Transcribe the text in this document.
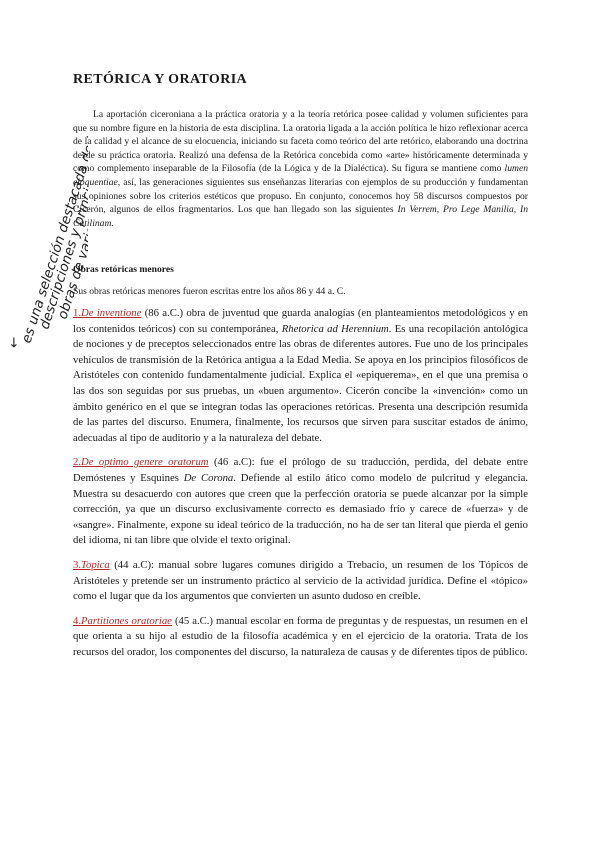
es una selección destacada de las
descripciones y principales
obras de varios
RETÓRICA Y ORATORIA

La aportación ciceroniana a la práctica oratoria y a la teoría retórica posee calidad y volumen suficientes para que su nombre figure en la historia de esta disciplina. La oratoria ligada a la acción política le hizo reflexionar acerca de la calidad y el alcance de su elocuencia, iniciando su faceta como teórico del arte retórico, elaborando una doctrina desde su práctica oratoria. Realizó una defensa de la Retórica concebida como «arte» históricamente determinada y como complemento inseparable de la Filosofía (de la Lógica y de la Dialéctica). Su figura se mantiene como lumen eloquentiae, así, las generaciones siguientes sus enseñanzas literarias con ejemplos de su producción y fundamentan sus opiniones sobre los criterios estéticos que propuso. En conjunto, conocemos hoy 58 discursos compuestos por Cicerón, algunos de ellos fragmentarios. Los que han llegado son las siguientes In Verrem, Pro Lege Manilia, In Catilinam.

Obras retóricas menores
Sus obras retóricas menores fueron escritas entre los años 86 y 44 a. C.

1.De inventione (86 a.C.) obra de juventud que guarda analogías (en planteamientos metodológicos y en los contenidos teóricos) con su contemporánea, Rhetorica ad Herennium. Es una recopilación antológica de nociones y de preceptos seleccionados entre las obras de diferentes autores. Fue uno de los principales vehículos de transmisión de la Retórica antigua a la Edad Media. Se apoya en los principios filosóficos de Aristóteles con contenido fundamentalmente judicial. Explica el «epiquerema», en el que una premisa o las dos son seguidas por sus pruebas, un «buen argumento». Cicerón concibe la «invención» como un ámbito genérico en el que se integran todas las operaciones retóricas. Presenta una descripción resumida de las partes del discurso. Enumera, finalmente, los recursos que sirven para suscitar estados de ánimo, adecuadas al tipo de auditorio y a la naturaleza del debate.

2.De optimo genere oratorum (46 a.C): fue el prólogo de su traducción, perdida, del debate entre Demóstenes y Esquines De Corona. Defiende al estilo ático como modelo de pulcritud y elegancia. Muestra su desacuerdo con autores que creen que la perfección oratoria se puede alcanzar por la simple corrección, ya que un discurso exclusivamente correcto es demasiado frío y carece de «fuerza» y de «sangre». Finalmente, expone su ideal teórico de la traducción, no ha de ser tan literal que pierda el genio del idioma, ni tan libre que olvide el texto original.

3.Topica (44 a.C): manual sobre lugares comunes dirigido a Trebacio, un resumen de los Tópicos de Aristóteles y pretende ser un instrumento práctico al servicio de la actividad jurídica. Define el «tópico» como el lugar que da los argumentos que convierten un asunto dudoso en creíble.

4.Partitiones oratoriae (45 a.C.) manual escolar en forma de preguntas y de respuestas, un resumen en el que orienta a su hijo al estudio de la filosofía académica y en el ejercicio de la oratoria. Trata de los recursos del orador, los componentes del discurso, la naturaleza de causas y de diferentes tipos de público.
